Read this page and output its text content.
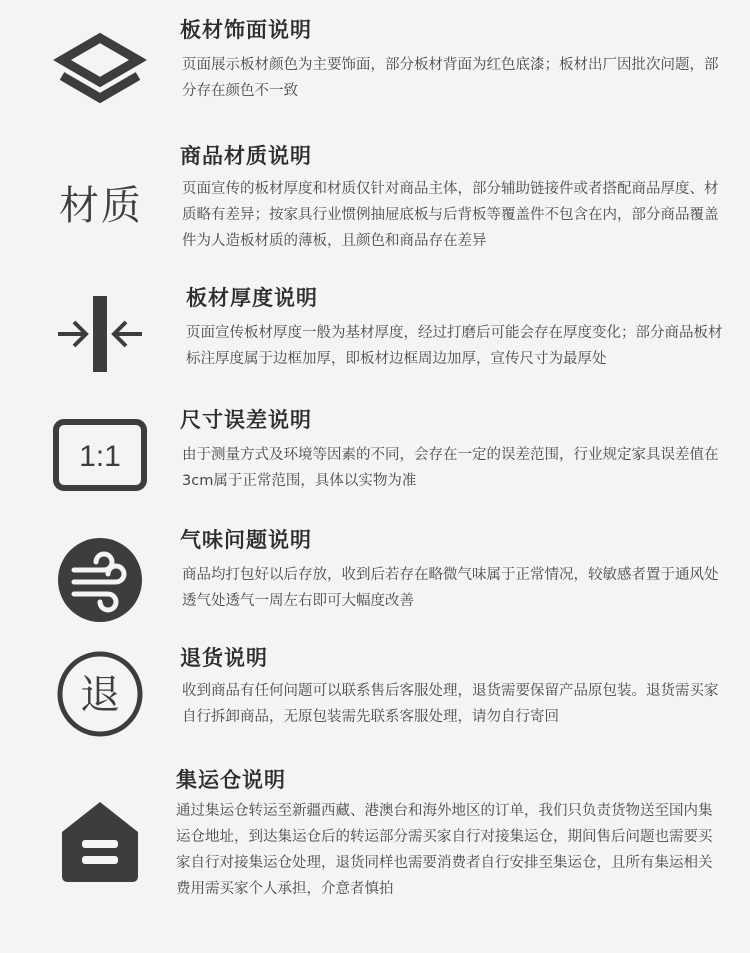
板材饰面说明
页面展示板材颜色为主要饰面，部分板材背面为红色底漆；板材出厂因批次问题，部分存在颜色不一致
材质
商品材质说明
页面宣传的板材厚度和材质仅针对商品主体，部分辅助链接件或者搭配商品厚度、材质略有差异；按家具行业惯例抽屉底板与后背板等覆盖件不包含在内，部分商品覆盖件为人造板材质的薄板，且颜色和商品存在差异
板材厚度说明
页面宣传板材厚度一般为基材厚度，经过打磨后可能会存在厚度变化；部分商品板材标注厚度属于边框加厚，即板材边框周边加厚，宣传尺寸为最厚处
1:1
尺寸误差说明
由于测量方式及环境等因素的不同，会存在一定的误差范围，行业规定家具误差值在3cm属于正常范围，具体以实物为准
气味问题说明
商品均打包好以后存放，收到后若存在略微气味属于正常情况，较敏感者置于通风处透气处透气一周左右即可大幅度改善
退
退货说明
收到商品有任何问题可以联系售后客服处理，退货需要保留产品原包装。退货需买家自行拆卸商品，无原包装需先联系客服处理，请勿自行寄回
集运仓说明
通过集运仓转运至新疆西藏、港澳台和海外地区的订单，我们只负责货物送至国内集运仓地址，到达集运仓后的转运部分需买家自行对接集运仓，期间售后问题也需要买家自行对接集运仓处理，退货同样也需要消费者自行安排至集运仓，且所有集运相关费用需买家个人承担，介意者慎拍
